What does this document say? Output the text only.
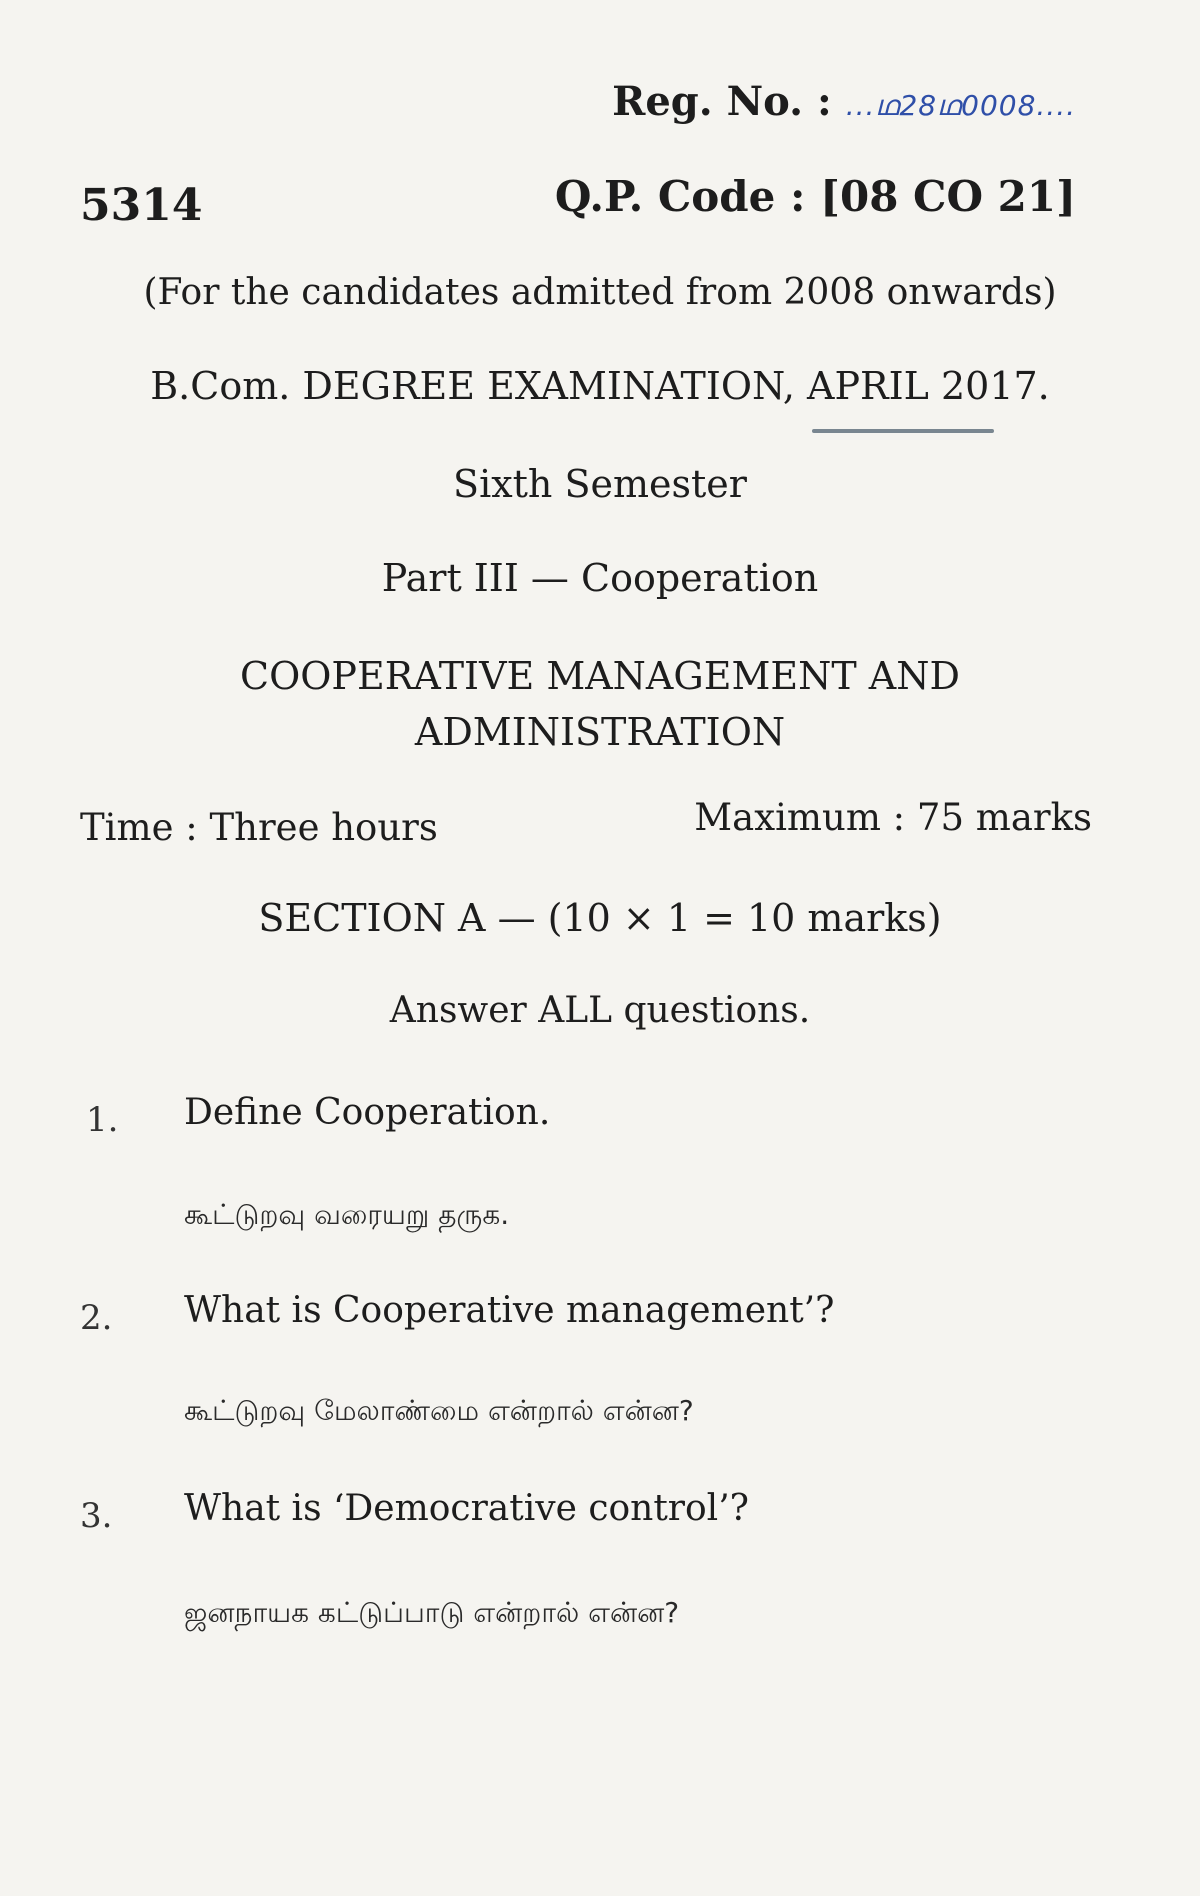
Reg. No. : ...ഥ28ഥ0008....
5314	Q.P. Code : [08 CO 21]
(For the candidates admitted from 2008 onwards)
B.Com. DEGREE EXAMINATION, APRIL 2017.
Sixth Semester
Part III — Cooperation
COOPERATIVE MANAGEMENT AND
ADMINISTRATION
Time : Three hours	Maximum : 75 marks
SECTION A — (10 × 1 = 10 marks)
Answer ALL questions.
1. Define Cooperation.
கூட்டுறவு வரையறு தருக.
2. What is Cooperative management’?
கூட்டுறவு மேலாண்மை என்றால் என்ன?
3. What is ‘Democrative control’?
ஜனநாயக கட்டுப்பாடு என்றால் என்ன?
